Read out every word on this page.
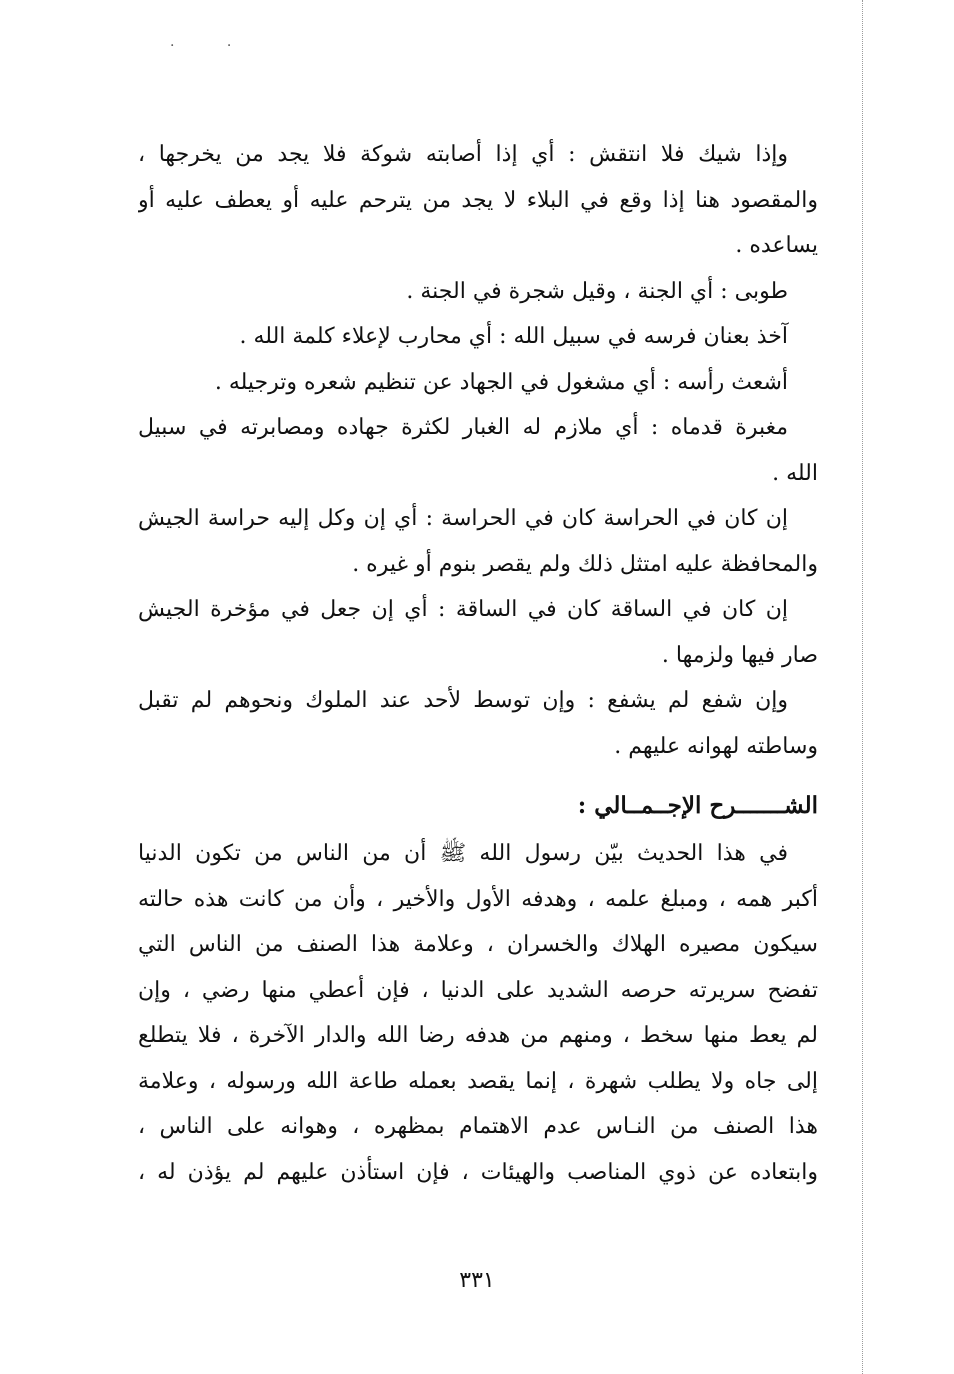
· ·
وإذا شيك فلا انتقش : أي إذا أصابته شوكة فلا يجد من يخرجها ،
والمقصود هنا إذا وقع في البلاء لا يجد من يترحم عليه أو يعطف عليه أو
يساعده .
طوبى : أي الجنة ، وقيل شجرة في الجنة .
آخذ بعنان فرسه في سبيل الله : أي محارب لإعلاء كلمة الله .
أشعث رأسه : أي مشغول في الجهاد عن تنظيم شعره وترجيله .
مغبرة قدماه : أي ملازم له الغبار لكثرة جهاده ومصابرته في سبيل
الله .
إن كان في الحراسة كان في الحراسة : أي إن وكل إليه حراسة الجيش
والمحافظة عليه امتثل ذلك ولم يقصر بنوم أو غيره .
إن كان في الساقة كان في الساقة : أي إن جعل في مؤخرة الجيش
صار فيها ولزمها .
وإن شفع لم يشفع : وإن توسط لأحد عند الملوك ونحوهم لم تقبل
وساطته لهوانه عليهم .
الشـــــــرح الإجــمــالي :
في هذا الحديث بيّن رسول الله ﷺ أن من الناس من تكون الدنيا
أكبر همه ، ومبلغ علمه ، وهدفه الأول والأخير ، وأن من كانت هذه حالته
سيكون مصيره الهلاك والخسران ، وعلامة هذا الصنف من الناس التي
تفضح سريرته حرصه الشديد على الدنيا ، فإن أعطي منها رضي ، وإن
لم يعط منها سخط ، ومنهم من هدفه رضا الله والدار الآخرة ، فلا يتطلع
إلى جاه ولا يطلب شهرة ، إنما يقصد بعمله طاعة الله ورسوله ، وعلامة
هذا الصنف من النـاس عدم الاهتمام بمظهره ، وهوانه على الناس ،
وابتعاده عن ذوي المناصب والهيئات ، فإن استأذن عليهم لم يؤذن له ،
٣٣١
